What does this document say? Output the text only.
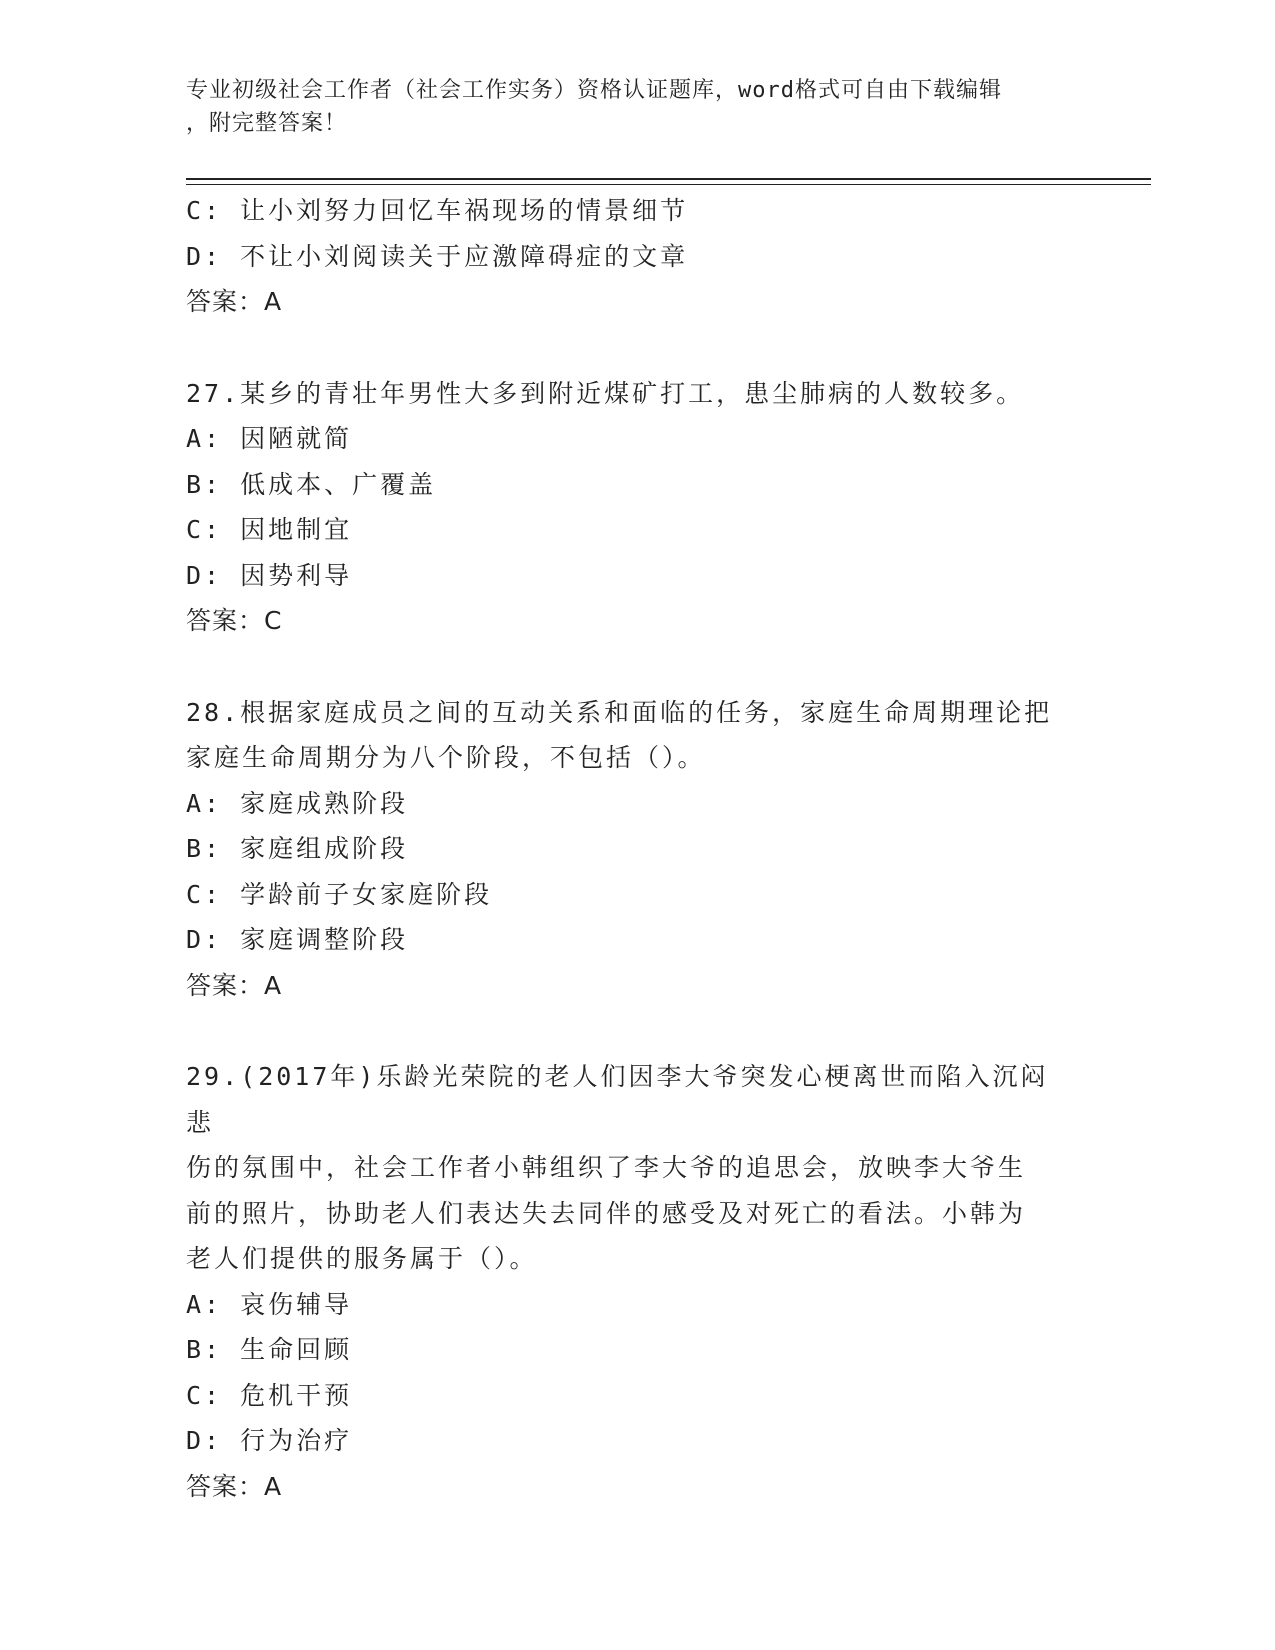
专业初级社会工作者（社会工作实务）资格认证题库，word格式可自由下载编辑
，附完整答案！
C: 让小刘努力回忆车祸现场的情景细节
D: 不让小刘阅读关于应激障碍症的文章
答案：A
27.某乡的青壮年男性大多到附近煤矿打工，患尘肺病的人数较多。
A: 因陋就简
B: 低成本、广覆盖
C: 因地制宜
D: 因势利导
答案：C
28.根据家庭成员之间的互动关系和面临的任务，家庭生命周期理论把
家庭生命周期分为八个阶段，不包括（）。
A: 家庭成熟阶段
B: 家庭组成阶段
C: 学龄前子女家庭阶段
D: 家庭调整阶段
答案：A
29.(2017年)乐龄光荣院的老人们因李大爷突发心梗离世而陷入沉闷悲
伤的氛围中，社会工作者小韩组织了李大爷的追思会，放映李大爷生
前的照片，协助老人们表达失去同伴的感受及对死亡的看法。小韩为
老人们提供的服务属于（）。
A: 哀伤辅导
B: 生命回顾
C: 危机干预
D: 行为治疗
答案：A
